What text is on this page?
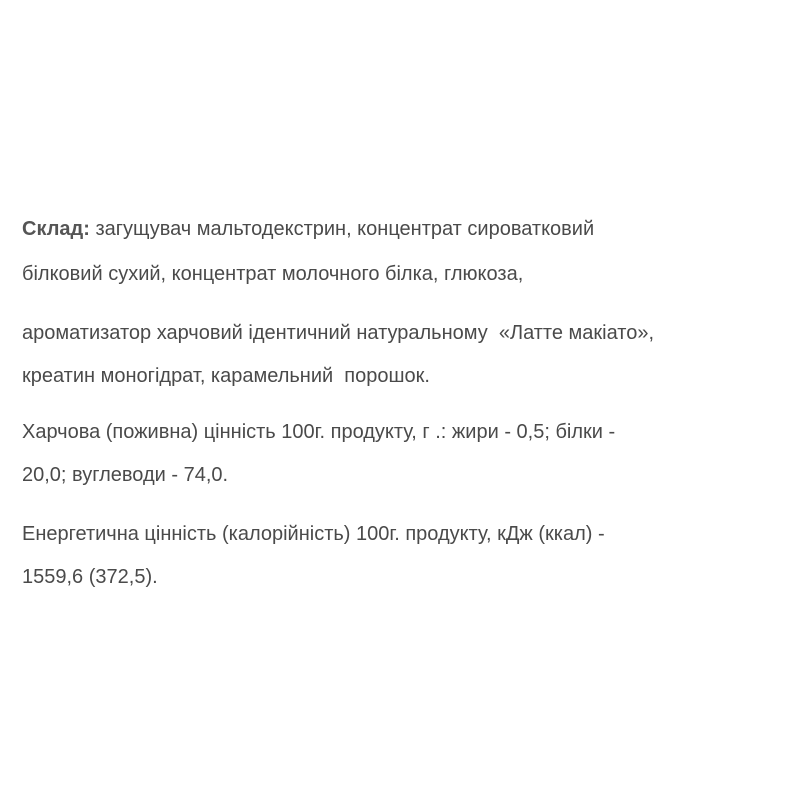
Склад: загущувач мальтодекстрин, концентрат сироватковий
білковий сухий, концентрат молочного білка, глюкоза,
ароматизатор харчовий ідентичний натуральному  «Латте макіато»,
креатин моногідрат, карамельний  порошок.
Харчова (поживна) цінність 100г. продукту, г .: жири - 0,5; білки -
20,0; вуглеводи - 74,0.
Енергетична цінність (калорійність) 100г. продукту, кДж (ккал) -
1559,6 (372,5).
